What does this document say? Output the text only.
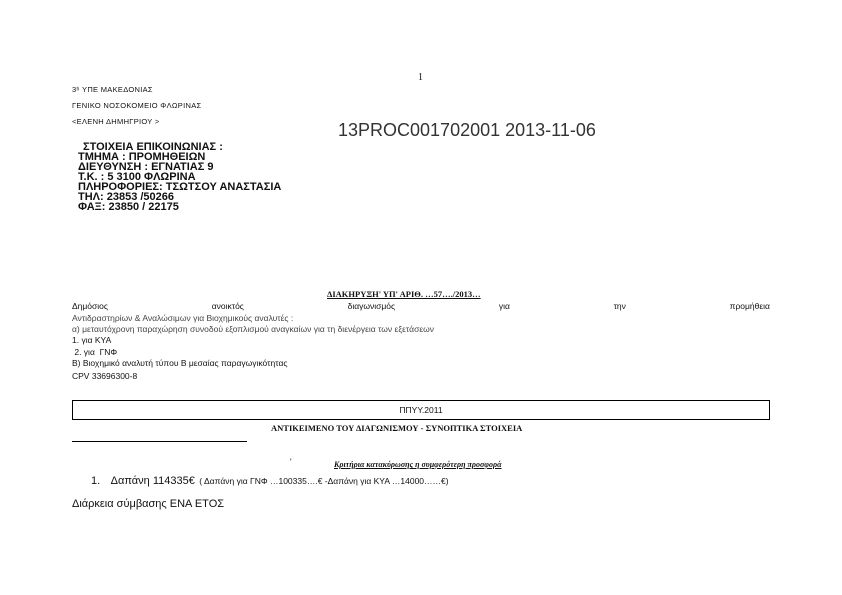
1
3ʰ ΥΠΕ ΜΑΚΕΔΟΝΙΑΣ
ΓΕΝΙΚΟ ΝΟΣΟΚΟΜΕΙΟ ΦΛΩΡΙΝΑΣ
<ΕΛΕΝΗ ΔΗΜΗΓΡΙΟΥ >	13PROC001702001 2013-11-06
ΣΤΟΙΧΕΙΑ ΕΠΙΚΟΙΝΩΝΙΑΣ :
ΤΜΗΜΑ : ΠΡΟΜΗΘΕΙΩΝ
ΔΙΕΥΘΥΝΣΗ : ΕΓΝΑΤΙΑΣ 9
Τ.Κ. : 5 3100 ΦΛΩΡΙΝΑ
ΠΛΗΡΟΦΟΡΙΕΣ: ΤΣΩΤΣΟΥ ΑΝΑΣΤΑΣΙΑ
ΤΗΛ: 23853 /50266
ΦΑΞ: 23850 / 22175
ΔΙΑΚΗΡΥΞΗ' ΥΠ' ΑΡΙΘ. …57…./2013…
Δημόσιος	ανοικτός	διαγωνισμός	για	την	προμήθεια
Αντιδραστηρίων & Αναλώσιμων για Βιοχημικούς αναλυτές :
α) μεταυτόχρονη παραχώρηση συνοδού εξοπλισμού αναγκαίων για τη διενέργεια των εξετάσεων
1. για ΚΥΑ
2. για  ΓΝΦ
Β) Βιοχημικό αναλυτή τύπου Β μεσαίας παραγωγικότητας
CPV 33696300-8
ΠΠΥΥ.2011
ΑΝΤΙΚΕΙΜΕΝΟ ΤΟΥ ΔΙΑΓΩΝΙΣΜΟΥ - ΣΥΝΟΠΤΙΚΑ ΣΤΟΙΧΕΙΑ
'	Κριτήρια κατακύρωσης η συμφερότερη προσφορά
1. Δαπάνη 114335€ ( Δαπάνη για ΓΝΦ …100335….€ -Δαπάνη για ΚΥΑ …14000……€)
Διάρκεια σύμβασης ΕΝΑ ΕΤΟΣ
